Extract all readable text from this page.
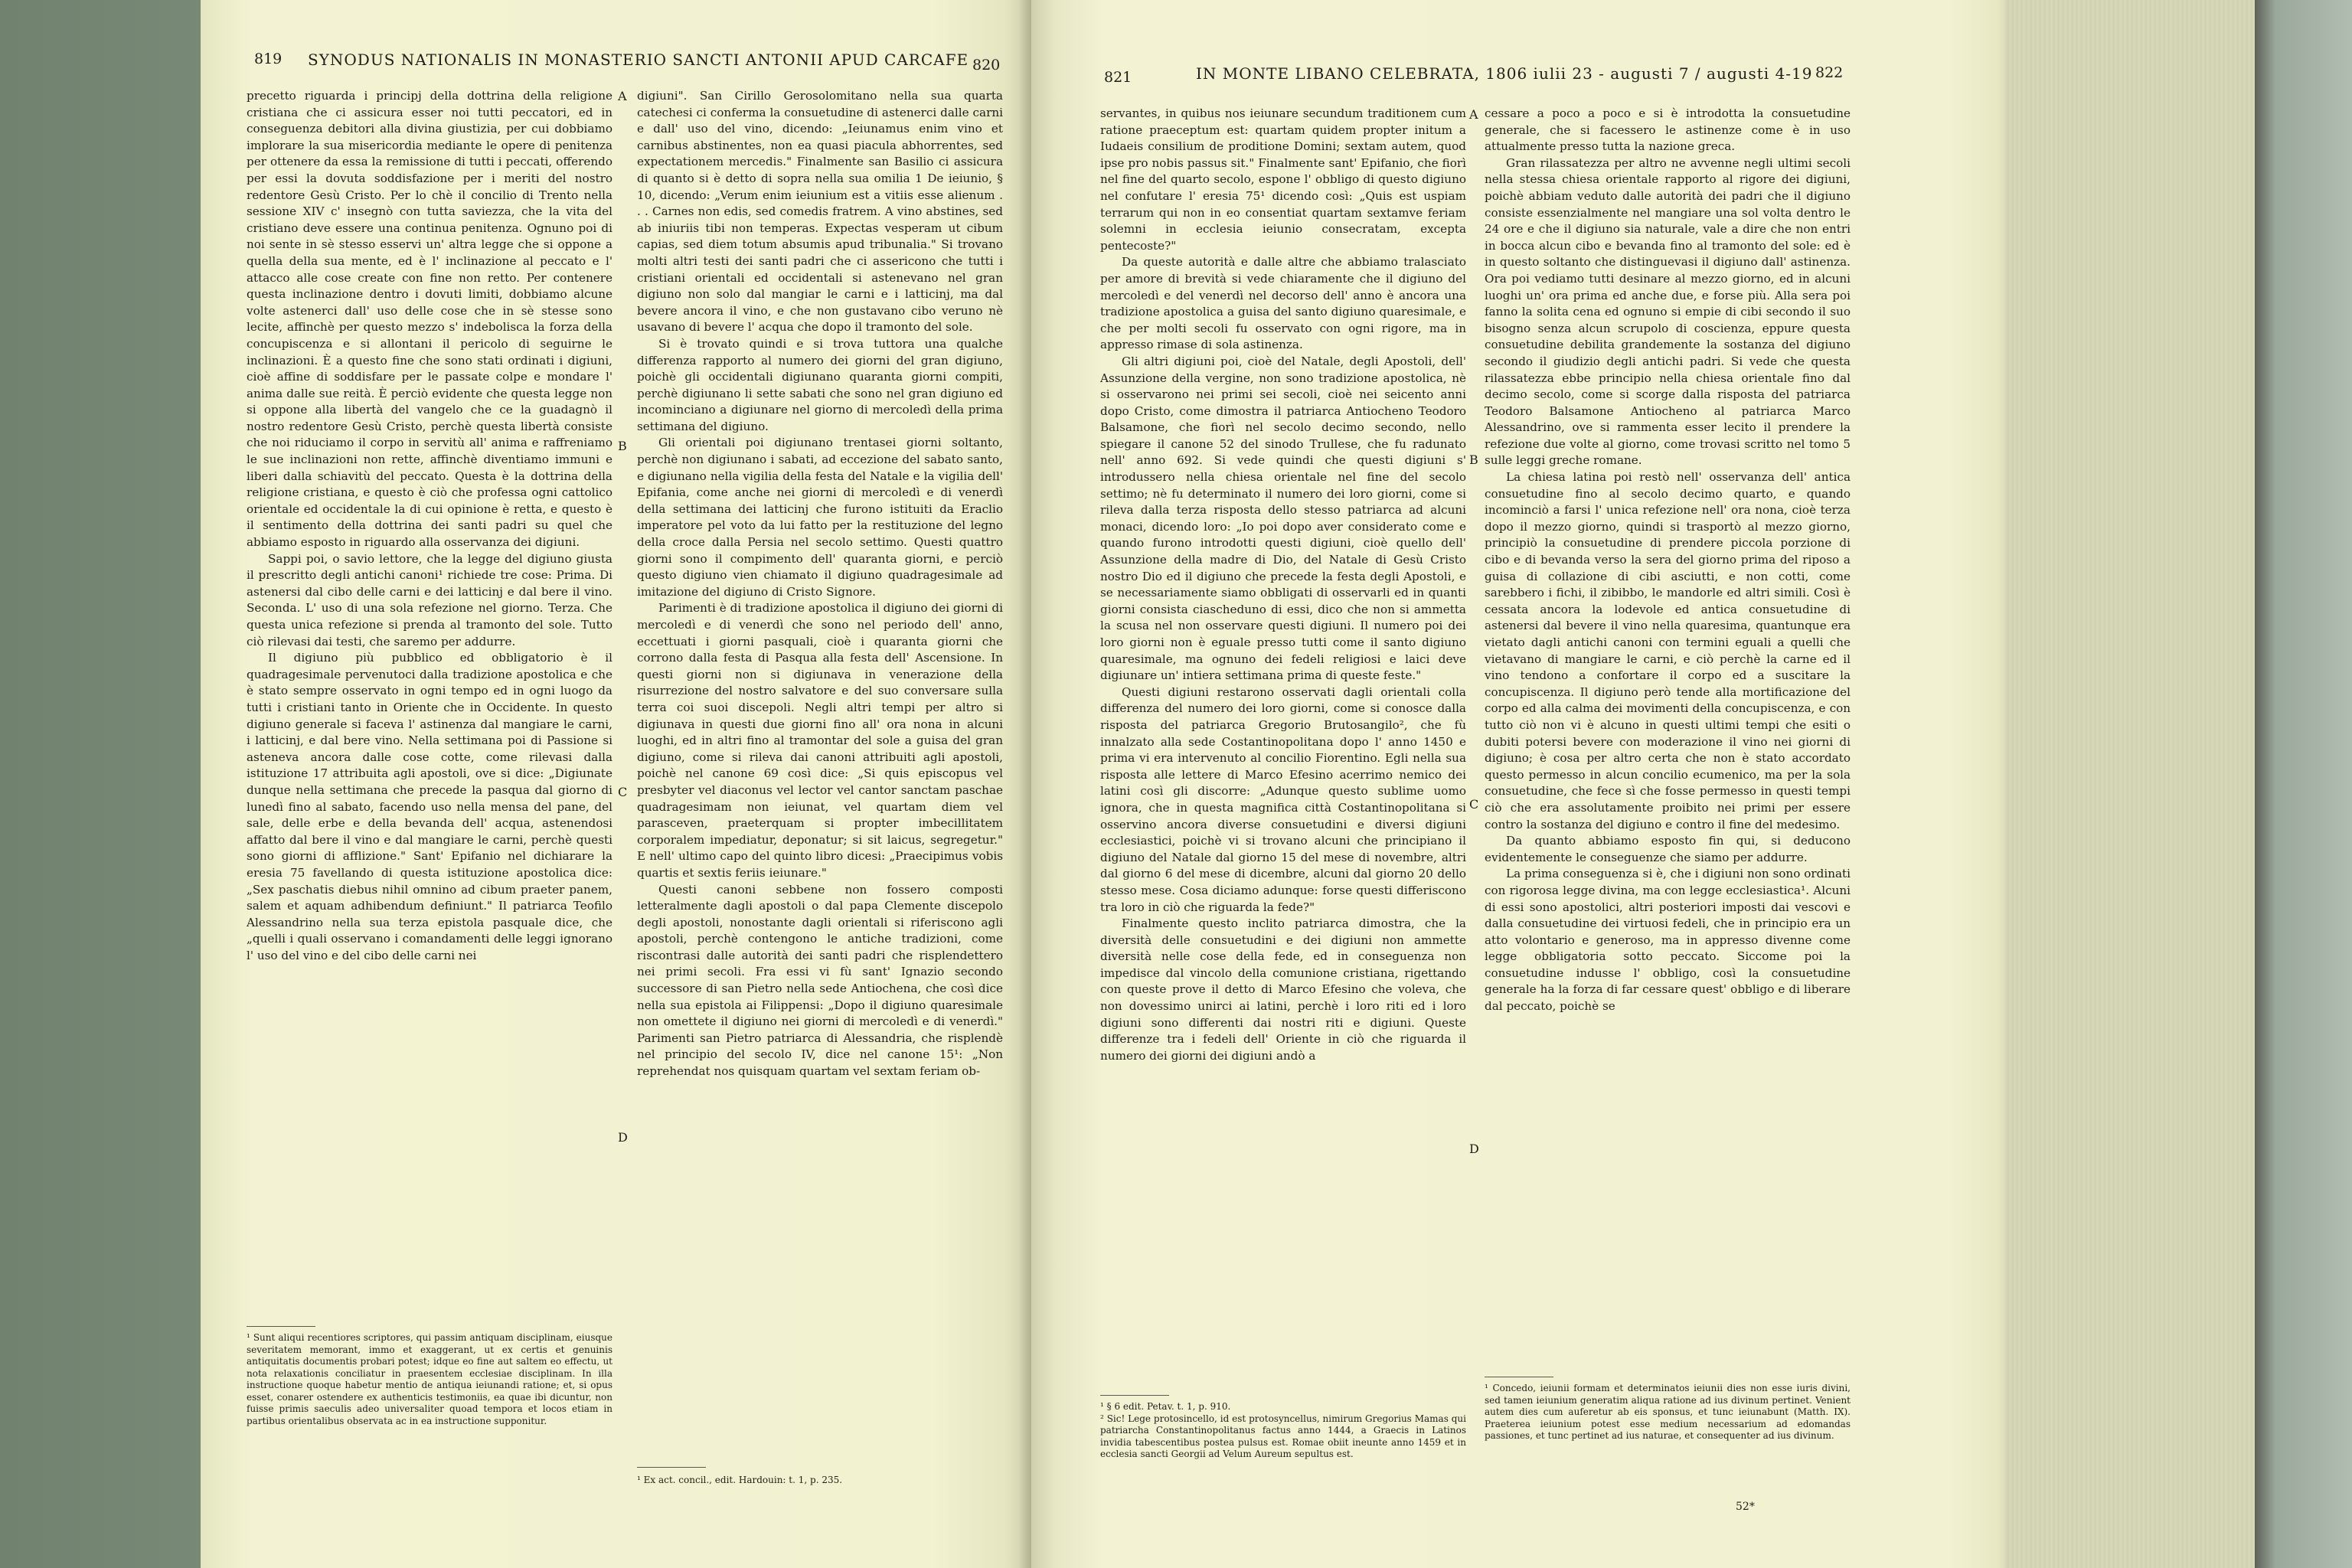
819 SYNODUS NATIONALIS IN MONASTERIO SANCTI ANTONII APUD CARCAFE 820

precetto riguarda i principj della dottrina della religione cristiana che ci assicura esser noi tutti peccatori, ed in conseguenza debitori alla divina giustizia, per cui dobbiamo implorare la sua misericordia mediante le opere di penitenza per ottenere da essa la remissione di tutti i peccati, offerendo per essi la dovuta soddisfazione per i meriti del nostro redentore Gesù Cristo. Per lo chè il concilio di Trento nella sessione XIV c' insegnò con tutta saviezza, che la vita del cristiano deve essere una continua penitenza. Ognuno poi di noi sente in sè stesso esservi un' altra legge che si oppone a quella della sua mente, ed è l' inclinazione al peccato e l' attacco alle cose create con fine non retto. Per contenere questa inclinazione dentro i dovuti limiti, dobbiamo alcune volte astenerci dall' uso delle cose che in sè stesse sono lecite, affinchè per questo mezzo s' indebolisca la forza della concupiscenza e si allontani il pericolo di seguirne le inclinazioni. È a questo fine che sono stati ordinati i digiuni, cioè affine di soddisfare per le passate colpe e mondare l' anima dalle sue reità. È perciò evidente che questa legge non si oppone alla libertà del vangelo che ce la guadagnò il nostro redentore Gesù Cristo, perchè questa libertà consiste che noi riduciamo il corpo in servitù all' anima e raffreniamo le sue inclinazioni non rette, affinchè diventiamo immuni e liberi dalla schiavitù del peccato. Questa è la dottrina della religione cristiana, e questo è ciò che professa ogni cattolico orientale ed occidentale la di cui opinione è retta, e questo è il sentimento della dottrina dei santi padri su quel che abbiamo esposto in riguardo alla osservanza dei digiuni.

Sappi poi, o savio lettore, che la legge del digiuno giusta il prescritto degli antichi canoni¹ richiede tre cose: Prima. Di astenersi dal cibo delle carni e dei latticinj e dal bere il vino. Seconda. L' uso di una sola refezione nel giorno. Terza. Che questa unica refezione si prenda al tramonto del sole. Tutto ciò rilevasi dai testi, che saremo per addurre.

Il digiuno più pubblico ed obbligatorio è il quadragesimale pervenutoci dalla tradizione apostolica e che è stato sempre osservato in ogni tempo ed in ogni luogo da tutti i cristiani tanto in Oriente che in Occidente. In questo digiuno generale si faceva l' astinenza dal mangiare le carni, i latticinj, e dal bere vino. Nella settimana poi di Passione si asteneva ancora dalle cose cotte, come rilevasi dalla istituzione 17 attribuita agli apostoli, ove si dice: „Digiunate dunque nella settimana che precede la pasqua dal giorno di lunedì fino al sabato, facendo uso nella mensa del pane, del sale, delle erbe e della bevanda dell' acqua, astenendosi affatto dal bere il vino e dal mangiare le carni, perchè questi sono giorni di afflizione." Sant' Epifanio nel dichiarare la eresia 75 favellando di questa istituzione apostolica dice: „Sex paschatis diebus nihil omnino ad cibum praeter panem, salem et aquam adhibendum definiunt." Il patriarca Teofilo Alessandrino nella sua terza epistola pasquale dice, che „quelli i quali osservano i comandamenti delle leggi ignorano l' uso del vino e del cibo delle carni nei

¹ Sunt aliqui recentiores scriptores, qui passim antiquam disciplinam, eiusque severitatem memorant, immo et exaggerant, ut ex certis et genuinis antiquitatis documentis probari potest; idque eo fine aut saltem eo effectu, ut nota relaxationis conciliatur in praesentem ecclesiae disciplinam. In illa instructione quoque habetur mentio de antiqua ieiunandi ratione; et, si opus esset, conarer ostendere ex authenticis testimoniis, ea quae ibi dicuntur, non fuisse primis saeculis adeo universaliter quoad tempora et locos etiam in partibus orientalibus observata ac in ea instructione supponitur.
A
B
C
D

digiuni". San Cirillo Gerosolomitano nella sua quarta catechesi ci conferma la consuetudine di astenerci dalle carni e dall' uso del vino, dicendo: „Ieiunamus enim vino et carnibus abstinentes, non ea quasi piacula abhorrentes, sed expectationem mercedis." Finalmente san Basilio ci assicura di quanto si è detto di sopra nella sua omilia 1 De ieiunio, § 10, dicendo: „Verum enim ieiunium est a vitiis esse alienum . . . Carnes non edis, sed comedis fratrem. A vino abstines, sed ab iniuriis tibi non temperas. Expectas vesperam ut cibum capias, sed diem totum absumis apud tribunalia." Si trovano molti altri testi dei santi padri che ci assericono che tutti i cristiani orientali ed occidentali si astenevano nel gran digiuno non solo dal mangiar le carni e i latticinj, ma dal bevere ancora il vino, e che non gustavano cibo veruno nè usavano di bevere l' acqua che dopo il tramonto del sole.

Si è trovato quindi e si trova tuttora una qualche differenza rapporto al numero dei giorni del gran digiuno, poichè gli occidentali digiunano quaranta giorni compiti, perchè digiunano li sette sabati che sono nel gran digiuno ed incominciano a digiunare nel giorno di mercoledì della prima settimana del digiuno.

Gli orientali poi digiunano trentasei giorni soltanto, perchè non digiunano i sabati, ad eccezione del sabato santo, e digiunano nella vigilia della festa del Natale e la vigilia dell' Epifania, come anche nei giorni di mercoledì e di venerdì della settimana dei latticinj che furono istituiti da Eraclio imperatore pel voto da lui fatto per la restituzione del legno della croce dalla Persia nel secolo settimo. Questi quattro giorni sono il compimento dell' quaranta giorni, e perciò questo digiuno vien chiamato il digiuno quadragesimale ad imitazione del digiuno di Cristo Signore.

Parimenti è di tradizione apostolica il digiuno dei giorni di mercoledì e di venerdì che sono nel periodo dell' anno, eccettuati i giorni pasquali, cioè i quaranta giorni che corrono dalla festa di Pasqua alla festa dell' Ascensione. In questi giorni non si digiunava in venerazione della risurrezione del nostro salvatore e del suo conversare sulla terra coi suoi discepoli. Negli altri tempi per altro si digiunava in questi due giorni fino all' ora nona in alcuni luoghi, ed in altri fino al tramontar del sole a guisa del gran digiuno, come si rileva dai canoni attribuiti agli apostoli, poichè nel canone 69 così dice: „Si quis episcopus vel presbyter vel diaconus vel lector vel cantor sanctam paschae quadragesimam non ieiunat, vel quartam diem vel parasceven, praeterquam si propter imbecillitatem corporalem impediatur, deponatur; si sit laicus, segregetur." E nell' ultimo capo del quinto libro dicesi: „Praecipimus vobis quartis et sextis feriis ieiunare."

Questi canoni sebbene non fossero composti letteralmente dagli apostoli o dal papa Clemente discepolo degli apostoli, nonostante dagli orientali si riferiscono agli apostoli, perchè contengono le antiche tradizioni, come riscontrasi dalle autorità dei santi padri che risplendettero nei primi secoli. Fra essi vi fù sant' Ignazio secondo successore di san Pietro nella sede Antiochena, che così dice nella sua epistola ai Filippensi: „Dopo il digiuno quaresimale non omettete il digiuno nei giorni di mercoledì e di venerdì." Parimenti san Pietro patriarca di Alessandria, che risplendè nel principio del secolo IV, dice nel canone 15¹: „Non reprehendat nos quisquam quartam vel sextam feriam ob-

¹ Ex act. concil., edit. Hardouin: t. 1, p. 235.
821	IN MONTE LIBANO CELEBRATA, 1806 iulii 23 - augusti 7 / augusti 4-19 822

servantes, in quibus nos ieiunare secundum traditionem cum ratione praeceptum est: quartam quidem propter initum a Iudaeis consilium de proditione Domini; sextam autem, quod ipse pro nobis passus sit." Finalmente sant' Epifanio, che fiorì nel fine del quarto secolo, espone l' obbligo di questo digiuno nel confutare l' eresia 75¹ dicendo così: „Quis est uspiam terrarum qui non in eo consentiat quartam sextamve feriam solemni in ecclesia ieiunio consecratam, excepta pentecoste?"

Da queste autorità e dalle altre che abbiamo tralasciato per amore di brevità si vede chiaramente che il digiuno del mercoledì e del venerdì nel decorso dell' anno è ancora una tradizione apostolica a guisa del santo digiuno quaresimale, e che per molti secoli fu osservato con ogni rigore, ma in appresso rimase di sola astinenza.

Gli altri digiuni poi, cioè del Natale, degli Apostoli, dell' Assunzione della vergine, non sono tradizione apostolica, nè si osservarono nei primi sei secoli, cioè nei seicento anni dopo Cristo, come dimostra il patriarca Antiocheno Teodoro Balsamone, che fiorì nel secolo decimo secondo, nello spiegare il canone 52 del sinodo Trullese, che fu radunato nell' anno 692. Si vede quindi che questi digiuni s' introdussero nella chiesa orientale nel fine del secolo settimo; nè fu determinato il numero dei loro giorni, come si rileva dalla terza risposta dello stesso patriarca ad alcuni monaci, dicendo loro: „Io poi dopo aver considerato come e quando furono introdotti questi digiuni, cioè quello dell' Assunzione della madre di Dio, del Natale di Gesù Cristo nostro Dio ed il digiuno che precede la festa degli Apostoli, e se necessariamente siamo obbligati di osservarli ed in quanti giorni consista ciascheduno di essi, dico che non si ammetta la scusa nel non osservare questi digiuni. Il numero poi dei loro giorni non è eguale presso tutti come il santo digiuno quaresimale, ma ognuno dei fedeli religiosi e laici deve digiunare un' intiera settimana prima di queste feste."

Questi digiuni restarono osservati dagli orientali colla differenza del numero dei loro giorni, come si conosce dalla risposta del patriarca Gregorio Brutosangilo², che fù innalzato alla sede Costantinopolitana dopo l' anno 1450 e prima vi era intervenuto al concilio Fiorentino. Egli nella sua risposta alle lettere di Marco Efesino acerrimo nemico dei latini così gli discorre: „Adunque questo sublime uomo ignora, che in questa magnifica città Costantinopolitana si osservino ancora diverse consuetudini e diversi digiuni ecclesiastici, poichè vi si trovano alcuni che principiano il digiuno del Natale dal giorno 15 del mese di novembre, altri dal giorno 6 del mese di dicembre, alcuni dal giorno 20 dello stesso mese. Cosa diciamo adunque: forse questi differiscono tra loro in ciò che riguarda la fede?"

Finalmente questo inclito patriarca dimostra, che la diversità delle consuetudini e dei digiuni non ammette diversità nelle cose della fede, ed in conseguenza non impedisce dal vincolo della comunione cristiana, rigettando con queste prove il detto di Marco Efesino che voleva, che non dovessimo unirci ai latini, perchè i loro riti ed i loro digiuni sono differenti dai nostri riti e digiuni. Queste differenze tra i fedeli dell' Oriente in ciò che riguarda il numero dei giorni dei digiuni andò a

¹ § 6 edit. Petav. t. 1, p. 910.
² Sic! Lege protosincello, id est protosyncellus, nimirum Gregorius Mamas qui patriarcha Constantinopolitanus factus anno 1444, a Graecis in Latinos invidia tabescentibus postea pulsus est. Romae obiit ineunte anno 1459 et in ecclesia sancti Georgii ad Velum Aureum sepultus est.
A
B
C
D

cessare a poco a poco e si è introdotta la consuetudine generale, che si facessero le astinenze come è in uso attualmente presso tutta la nazione greca.

Gran rilassatezza per altro ne avvenne negli ultimi secoli nella stessa chiesa orientale rapporto al rigore dei digiuni, poichè abbiam veduto dalle autorità dei padri che il digiuno consiste essenzialmente nel mangiare una sol volta dentro le 24 ore e che il digiuno sia naturale, vale a dire che non entri in bocca alcun cibo e bevanda fino al tramonto del sole: ed è in questo soltanto che distinguevasi il digiuno dall' astinenza. Ora poi vediamo tutti desinare al mezzo giorno, ed in alcuni luoghi un' ora prima ed anche due, e forse più. Alla sera poi fanno la solita cena ed ognuno si empie di cibi secondo il suo bisogno senza alcun scrupolo di coscienza, eppure questa consuetudine debilita grandemente la sostanza del digiuno secondo il giudizio degli antichi padri. Si vede che questa rilassatezza ebbe principio nella chiesa orientale fino dal decimo secolo, come si scorge dalla risposta del patriarca Teodoro Balsamone Antiocheno al patriarca Marco Alessandrino, ove si rammenta esser lecito il prendere la refezione due volte al giorno, come trovasi scritto nel tomo 5 sulle leggi greche romane.

La chiesa latina poi restò nell' osservanza dell' antica consuetudine fino al secolo decimo quarto, e quando incominciò a farsi l' unica refezione nell' ora nona, cioè terza dopo il mezzo giorno, quindi si trasportò al mezzo giorno, principiò la consuetudine di prendere piccola porzione di cibo e di bevanda verso la sera del giorno prima del riposo a guisa di collazione di cibi asciutti, e non cotti, come sarebbero i fichi, il zibibbo, le mandorle ed altri simili. Così è cessata ancora la lodevole ed antica consuetudine di astenersi dal bevere il vino nella quaresima, quantunque era vietato dagli antichi canoni con termini eguali a quelli che vietavano di mangiare le carni, e ciò perchè la carne ed il vino tendono a confortare il corpo ed a suscitare la concupiscenza. Il digiuno però tende alla mortificazione del corpo ed alla calma dei movimenti della concupiscenza, e con tutto ciò non vi è alcuno in questi ultimi tempi che esiti o dubiti potersi bevere con moderazione il vino nei giorni di digiuno; è cosa per altro certa che non è stato accordato questo permesso in alcun concilio ecumenico, ma per la sola consuetudine, che fece sì che fosse permesso in questi tempi ciò che era assolutamente proibito nei primi per essere contro la sostanza del digiuno e contro il fine del medesimo.

Da quanto abbiamo esposto fin qui, si deducono evidentemente le conseguenze che siamo per addurre.

La prima conseguenza si è, che i digiuni non sono ordinati con rigorosa legge divina, ma con legge ecclesiastica¹. Alcuni di essi sono apostolici, altri posteriori imposti dai vescovi e dalla consuetudine dei virtuosi fedeli, che in principio era un atto volontario e generoso, ma in appresso divenne come legge obbligatoria sotto peccato. Siccome poi la consuetudine indusse l' obbligo, così la consuetudine generale ha la forza di far cessare quest' obbligo e di liberare dal peccato, poichè se

¹ Concedo, ieiunii formam et determinatos ieiunii dies non esse iuris divini, sed tamen ieiunium generatim aliqua ratione ad ius divinum pertinet. Venient autem dies cum auferetur ab eis sponsus, et tunc ieiunabunt (Matth. IX). Praeterea ieiunium potest esse medium necessarium ad edomandas passiones, et tunc pertinet ad ius naturae, et consequenter ad ius divinum.
52*
